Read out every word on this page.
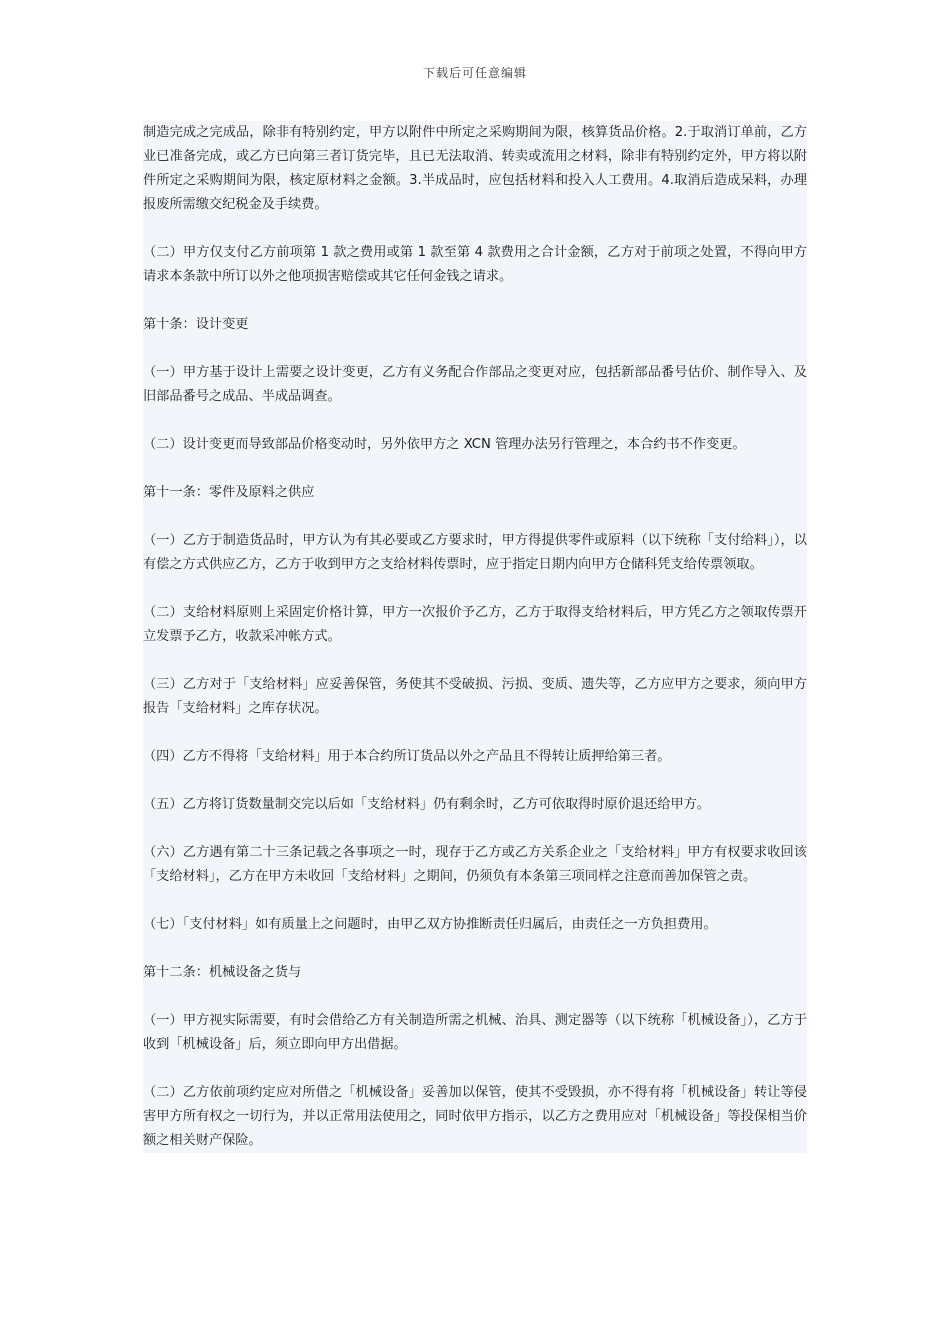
下载后可任意编辑

制造完成之完成品，除非有特别约定，甲方以附件中所定之采购期间为限，核算货品价格。2.于取消订单前，乙方业已准备完成，或乙方已向第三者订货完毕，且已无法取消、转卖或流用之材料，除非有特别约定外，甲方将以附件所定之采购期间为限，核定原材料之金额。3.半成品时，应包括材料和投入人工费用。4.取消后造成呆料，办理报废所需缴交纪税金及手续费。

（二）甲方仅支付乙方前项第 1 款之费用或第 1 款至第 4 款费用之合计金额，乙方对于前项之处置，不得向甲方请求本条款中所订以外之他项损害赔偿或其它任何金钱之请求。

第十条：设计变更

（一）甲方基于设计上需要之设计变更，乙方有义务配合作部品之变更对应，包括新部品番号估价、制作导入、及旧部品番号之成品、半成品调查。

（二）设计变更而导致部品价格变动时，另外依甲方之 XCN 管理办法另行管理之，本合约书不作变更。

第十一条：零件及原料之供应

（一）乙方于制造货品时，甲方认为有其必要或乙方要求时，甲方得提供零件或原料（以下统称「支付给料」），以有偿之方式供应乙方，乙方于收到甲方之支给材料传票时，应于指定日期内向甲方仓储科凭支给传票领取。

（二）支给材料原则上采固定价格计算，甲方一次报价予乙方，乙方于取得支给材料后，甲方凭乙方之领取传票开立发票予乙方，收款采冲帐方式。

（三）乙方对于「支给材料」应妥善保管，务使其不受破损、污损、变质、遗失等，乙方应甲方之要求，须向甲方报告「支给材料」之库存状况。

（四）乙方不得将「支给材料」用于本合约所订货品以外之产品且不得转让质押给第三者。

（五）乙方将订货数量制交完以后如「支给材料」仍有剩余时，乙方可依取得时原价退还给甲方。

（六）乙方遇有第二十三条记载之各事项之一时，现存于乙方或乙方关系企业之「支给材料」甲方有权要求收回该「支给材料」，乙方在甲方未收回「支给材料」之期间，仍须负有本条第三项同样之注意而善加保管之责。

（七）「支付材料」如有质量上之问题时，由甲乙双方协推断责任归属后，由责任之一方负担费用。

第十二条：机械设备之货与

（一）甲方视实际需要，有时会借给乙方有关制造所需之机械、治具、测定器等（以下统称「机械设备」），乙方于收到「机械设备」后，须立即向甲方出借据。

（二）乙方依前项约定应对所借之「机械设备」妥善加以保管，使其不受毁损，亦不得有将「机械设备」转让等侵害甲方所有权之一切行为，并以正常用法使用之，同时依甲方指示，以乙方之费用应对「机械设备」等投保相当价额之相关财产保险。
